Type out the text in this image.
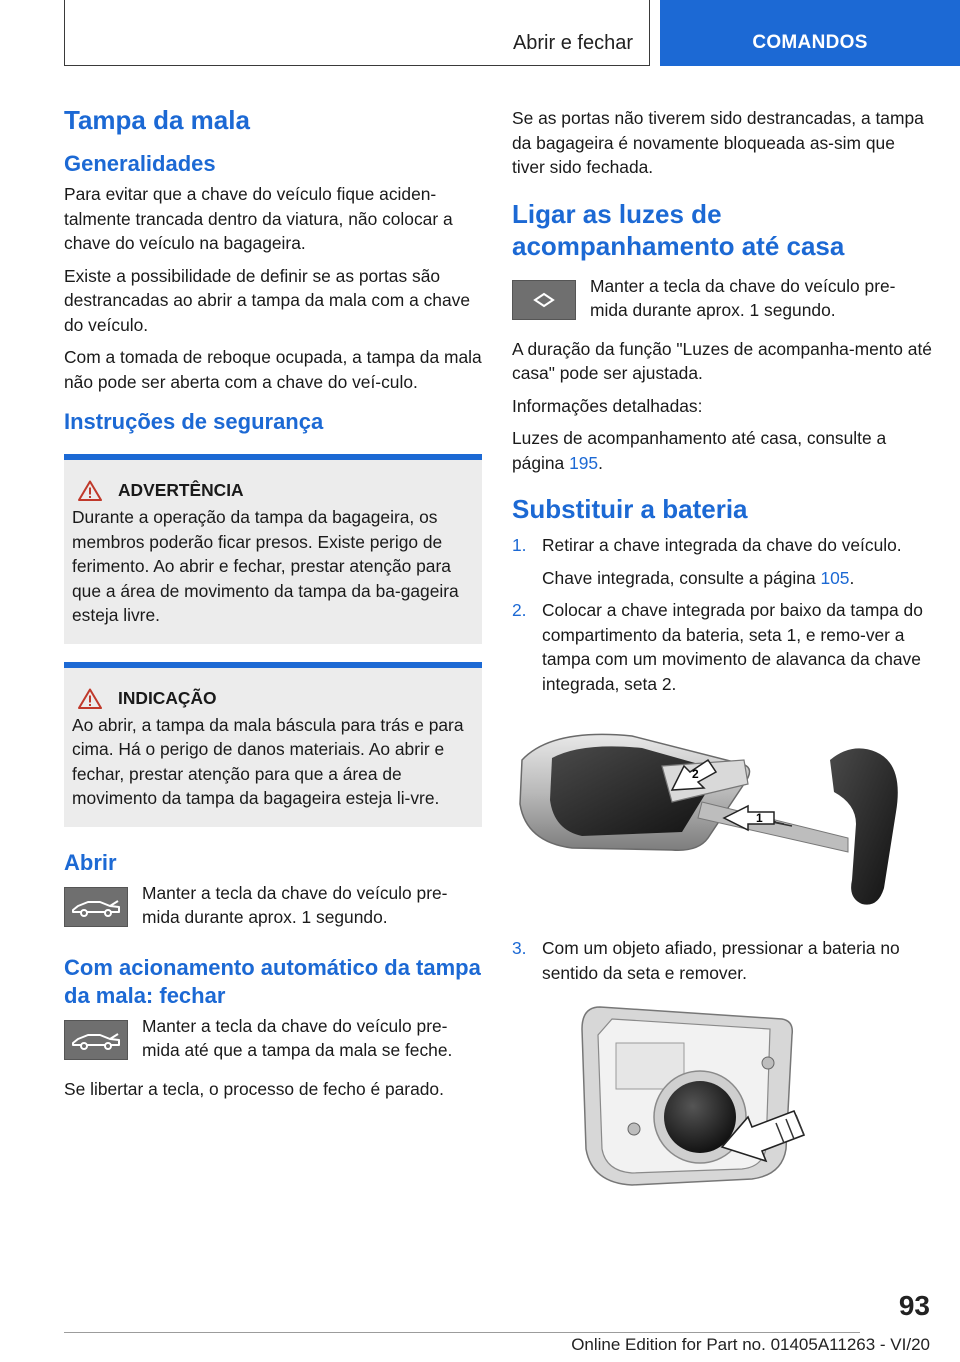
Abrir e fechar	COMANDOS
Tampa da mala
Generalidades

Para evitar que a chave do veículo fique aciden-talmente trancada dentro da viatura, não colocar a chave do veículo na bagageira.

Existe a possibilidade de definir se as portas são destrancadas ao abrir a tampa da mala com a chave do veículo.

Com a tomada de reboque ocupada, a tampa da mala não pode ser aberta com a chave do veí-culo.

Instruções de segurança
ADVERTÊNCIA

Durante a operação da tampa da bagageira, os membros poderão ficar presos. Existe perigo de ferimento. Ao abrir e fechar, prestar atenção para que a área de movimento da tampa da ba-gageira esteja livre.

INDICAÇÃO

Ao abrir, a tampa da mala báscula para trás e para cima. Há o perigo de danos materiais. Ao abrir e fechar, prestar atenção para que a área de movimento da tampa da bagageira esteja li-vre.

Abrir

Manter a tecla da chave do veículo pre-mida durante aprox. 1 segundo.

Com acionamento automático da tampa da mala: fechar

Manter a tecla da chave do veículo pre-mida até que a tampa da mala se feche.

Se libertar a tecla, o processo de fecho é parado.

Se as portas não tiverem sido destrancadas, a tampa da bagageira é novamente bloqueada as-sim que tiver sido fechada.

Ligar as luzes de acompanhamento até casa

Manter a tecla da chave do veículo pre-mida durante aprox. 1 segundo.

A duração da função "Luzes de acompanha-mento até casa" pode ser ajustada.

Informações detalhadas:

Luzes de acompanhamento até casa, consulte a página 195.

Substituir a bateria
1. Retirar a chave integrada da chave do veículo.

Chave integrada, consulte a página 105.

2. Colocar a chave integrada por baixo da tampa do compartimento da bateria, seta 1, e remo-ver a tampa com um movimento de alavanca da chave integrada, seta 2.
1
2
3. Com um objeto afiado, pressionar a bateria no sentido da seta e remover.
93
Online Edition for Part no. 01405A11263 - VI/20
